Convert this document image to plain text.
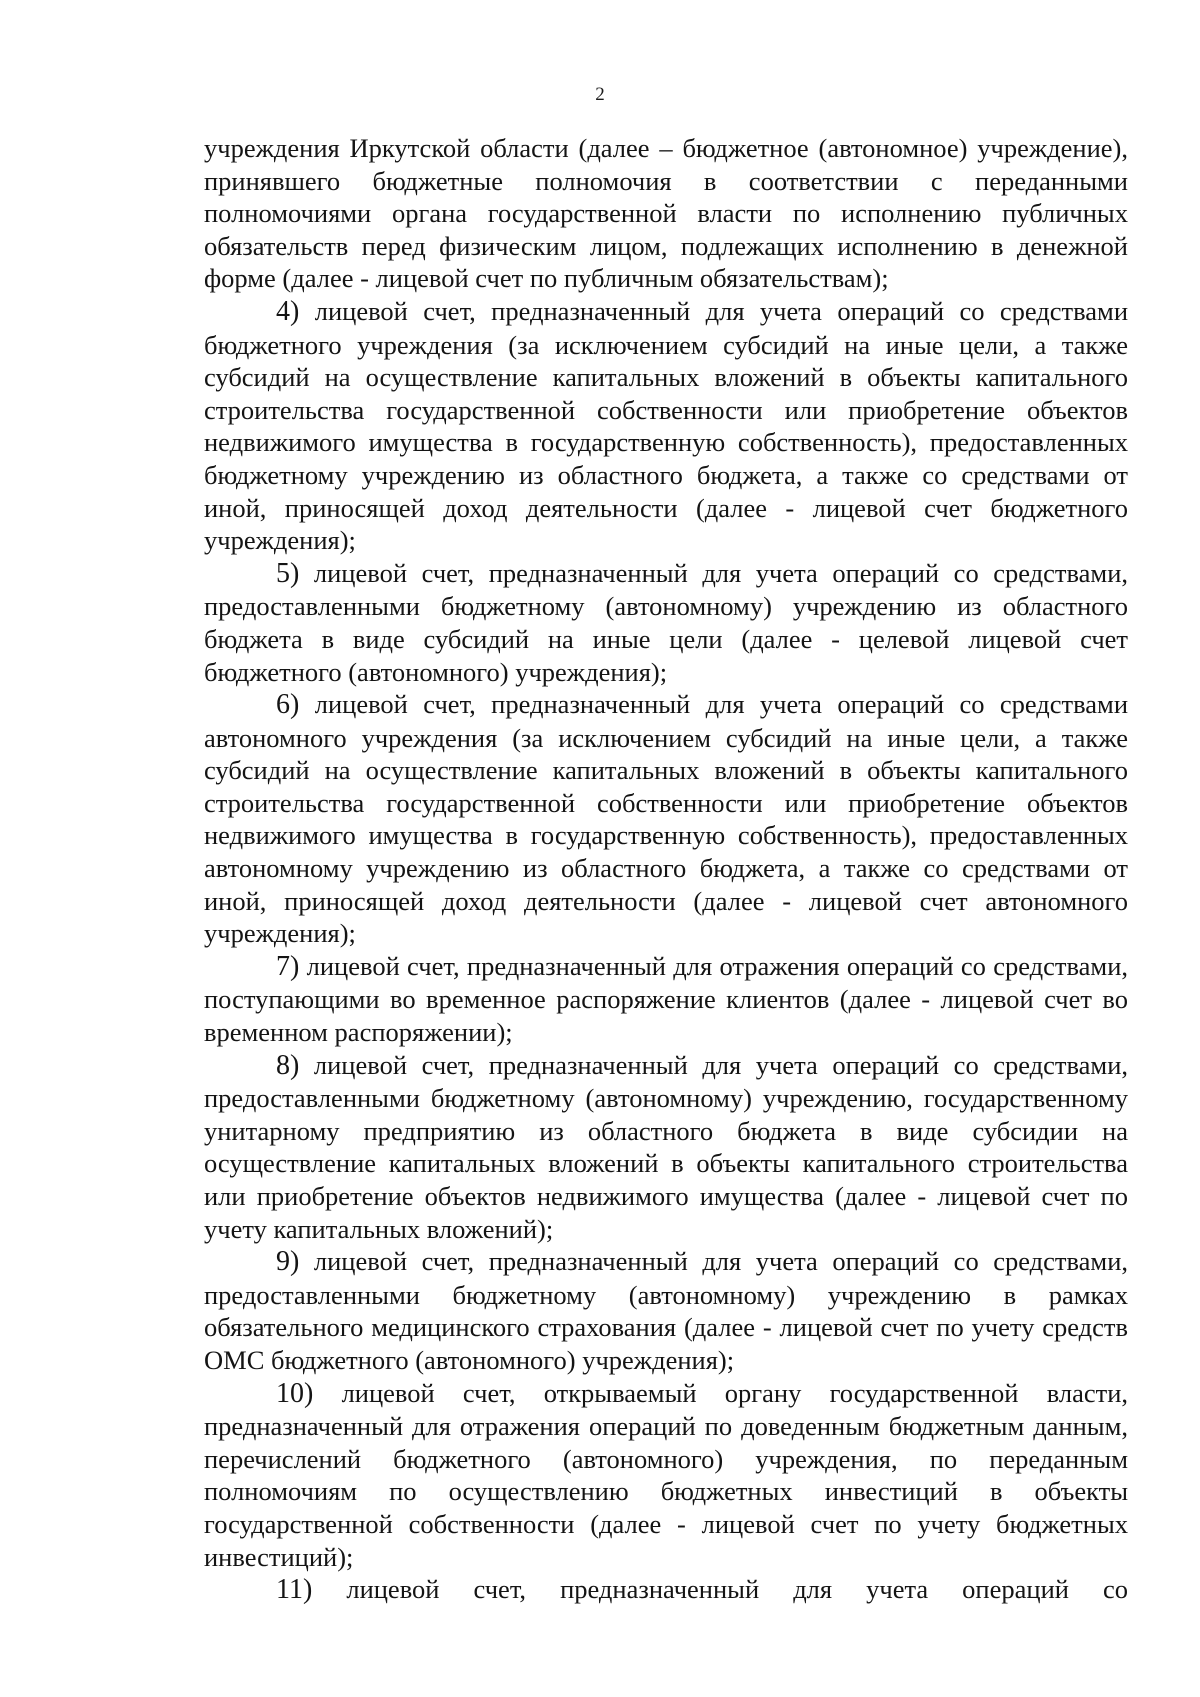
2

учреждения Иркутской области (далее – бюджетное (автономное) учреждение), принявшего бюджетные полномочия в соответствии с переданными полномочиями органа государственной власти по исполнению публичных обязательств перед физическим лицом, подлежащих исполнению в денежной форме (далее - лицевой счет по публичным обязательствам);

4) лицевой счет, предназначенный для учета операций со средствами бюджетного учреждения (за исключением субсидий на иные цели, а также субсидий на осуществление капитальных вложений в объекты капитального строительства государственной собственности или приобретение объектов недвижимого имущества в государственную собственность), предоставленных бюджетному учреждению из областного бюджета, а также со средствами от иной, приносящей доход деятельности (далее - лицевой счет бюджетного учреждения);

5) лицевой счет, предназначенный для учета операций со средствами, предоставленными бюджетному (автономному) учреждению из областного бюджета в виде субсидий на иные цели (далее - целевой лицевой счет бюджетного (автономного) учреждения);

6) лицевой счет, предназначенный для учета операций со средствами автономного учреждения (за исключением субсидий на иные цели, а также субсидий на осуществление капитальных вложений в объекты капитального строительства государственной собственности или приобретение объектов недвижимого имущества в государственную собственность), предоставленных автономному учреждению из областного бюджета, а также со средствами от иной, приносящей доход деятельности (далее - лицевой счет автономного учреждения);

7) лицевой счет, предназначенный для отражения операций со средствами, поступающими во временное распоряжение клиентов (далее - лицевой счет во временном распоряжении);

8) лицевой счет, предназначенный для учета операций со средствами, предоставленными бюджетному (автономному) учреждению, государственному унитарному предприятию из областного бюджета в виде субсидии на осуществление капитальных вложений в объекты капитального строительства или приобретение объектов недвижимого имущества (далее - лицевой счет по учету капитальных вложений);

9) лицевой счет, предназначенный для учета операций со средствами, предоставленными бюджетному (автономному) учреждению в рамках обязательного медицинского страхования (далее - лицевой счет по учету средств ОМС бюджетного (автономного) учреждения);

10) лицевой счет, открываемый органу государственной власти, предназначенный для отражения операций по доведенным бюджетным данным, перечислений бюджетного (автономного) учреждения, по переданным полномочиям по осуществлению бюджетных инвестиций в объекты государственной собственности (далее - лицевой счет по учету бюджетных инвестиций);

11) лицевой счет, предназначенный для учета операций со
